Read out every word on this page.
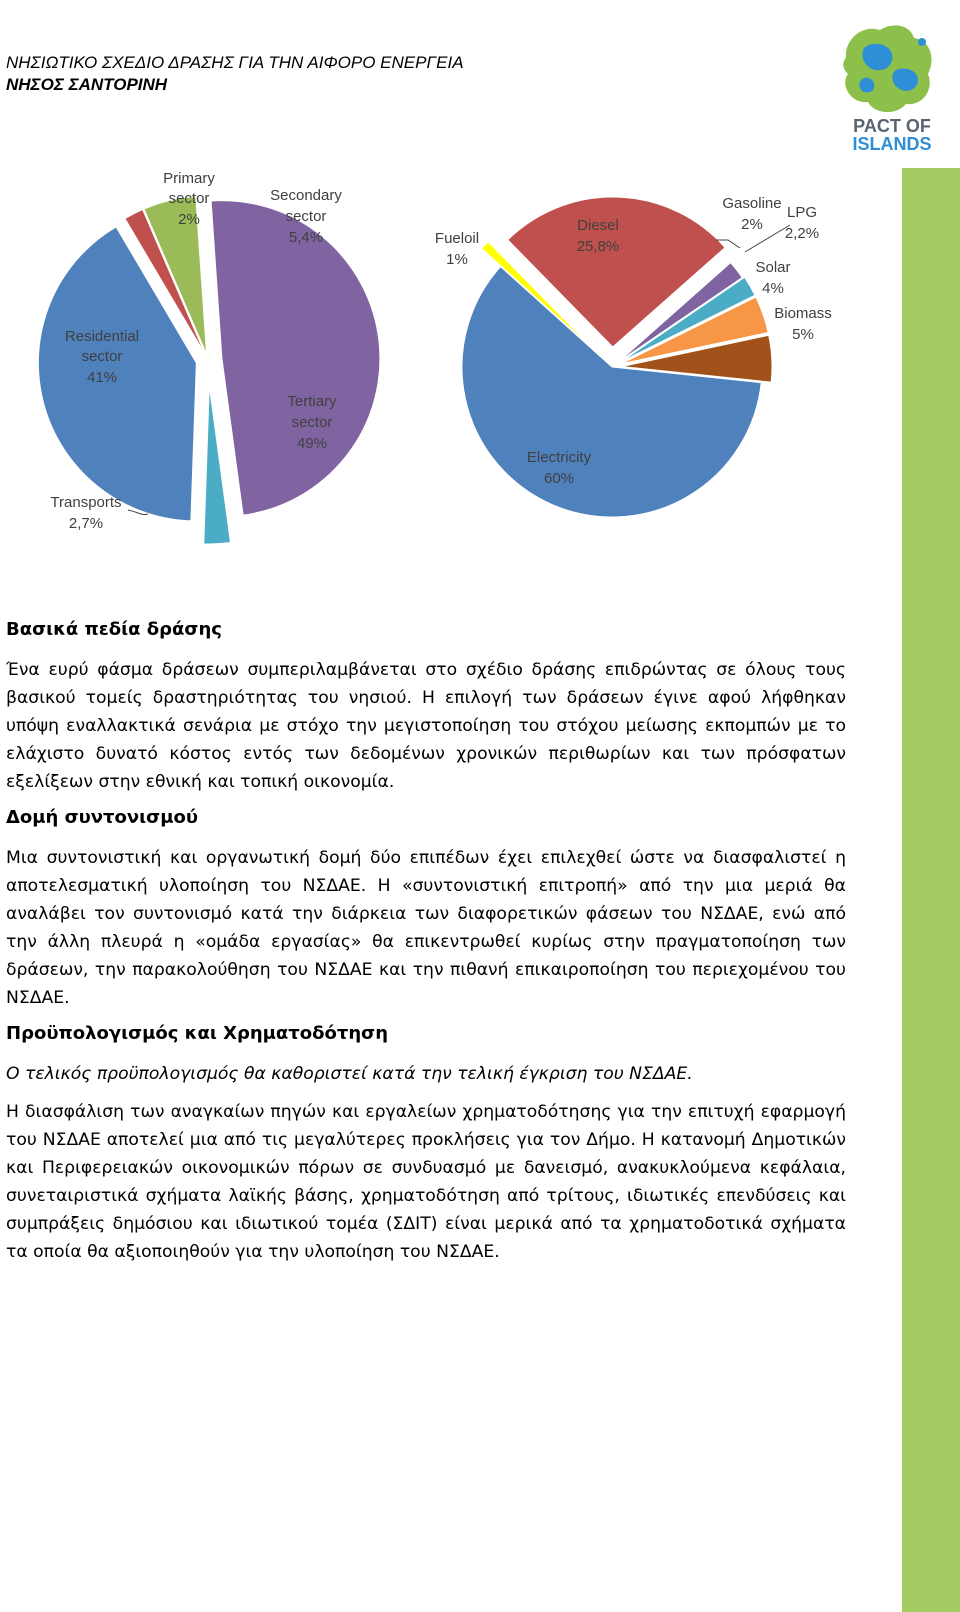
ΝΗΣΙΩΤΙΚΟ ΣΧΕΔΙΟ ΔΡΑΣΗΣ ΓΙΑ ΤΗΝ ΑΙΦΟΡΟ ΕΝΕΡΓΕΙΑ
ΝΗΣΟΣ ΣΑΝΤΟΡΙΝΗ
PACT OF
ISLANDS
Primary
sector
2%
Secondary
sector
5,4%
Residential
sector
41%
Tertiary
sector
49%
Transports
2,7%
Fueloil
1%
Diesel
25,8%
Electricity
60%
Gasoline
2%
LPG
2,2%
Solar
4%
Biomass
5%
Βασικά πεδία δράσης
Ένα ευρύ φάσμα δράσεων συμπεριλαμβάνεται στο σχέδιο δράσης επιδρώντας σε όλους τους βασικού τομείς δραστηριότητας του νησιού. Η επιλογή των δράσεων έγινε αφού λήφθηκαν υπόψη εναλλακτικά σενάρια με στόχο την μεγιστοποίηση του στόχου μείωσης εκπομπών με το ελάχιστο δυνατό κόστος εντός των δεδομένων χρονικών περιθωρίων και των πρόσφατων εξελίξεων στην εθνική και τοπική οικονομία.
Δομή συντονισμού
Μια συντονιστική και οργανωτική δομή δύο επιπέδων έχει επιλεχθεί ώστε να διασφαλιστεί η αποτελεσματική υλοποίηση του ΝΣΔΑΕ. Η «συντονιστική επιτροπή» από την μια μεριά θα αναλάβει τον συντονισμό κατά την διάρκεια των διαφορετικών φάσεων του ΝΣΔΑΕ, ενώ από την άλλη πλευρά η «ομάδα εργασίας» θα επικεντρωθεί κυρίως στην πραγματοποίηση των δράσεων, την παρακολούθηση του ΝΣΔΑΕ και την πιθανή επικαιροποίηση του περιεχομένου του ΝΣΔΑΕ.
Προϋπολογισμός και Χρηματοδότηση
Ο τελικός προϋπολογισμός θα καθοριστεί κατά την τελική έγκριση του ΝΣΔΑΕ.
Η διασφάλιση των αναγκαίων πηγών και εργαλείων χρηματοδότησης για την επιτυχή εφαρμογή του ΝΣΔΑΕ αποτελεί μια από τις μεγαλύτερες προκλήσεις για τον Δήμο. Η κατανομή Δημοτικών και Περιφερειακών οικονομικών πόρων σε συνδυασμό με δανεισμό, ανακυκλούμενα κεφάλαια, συνεταιριστικά σχήματα λαϊκής βάσης, χρηματοδότηση από τρίτους, ιδιωτικές επενδύσεις και συμπράξεις δημόσιου και ιδιωτικού τομέα (ΣΔΙΤ) είναι μερικά από τα χρηματοδοτικά σχήματα τα οποία θα αξιοποιηθούν για την υλοποίηση του ΝΣΔΑΕ.
